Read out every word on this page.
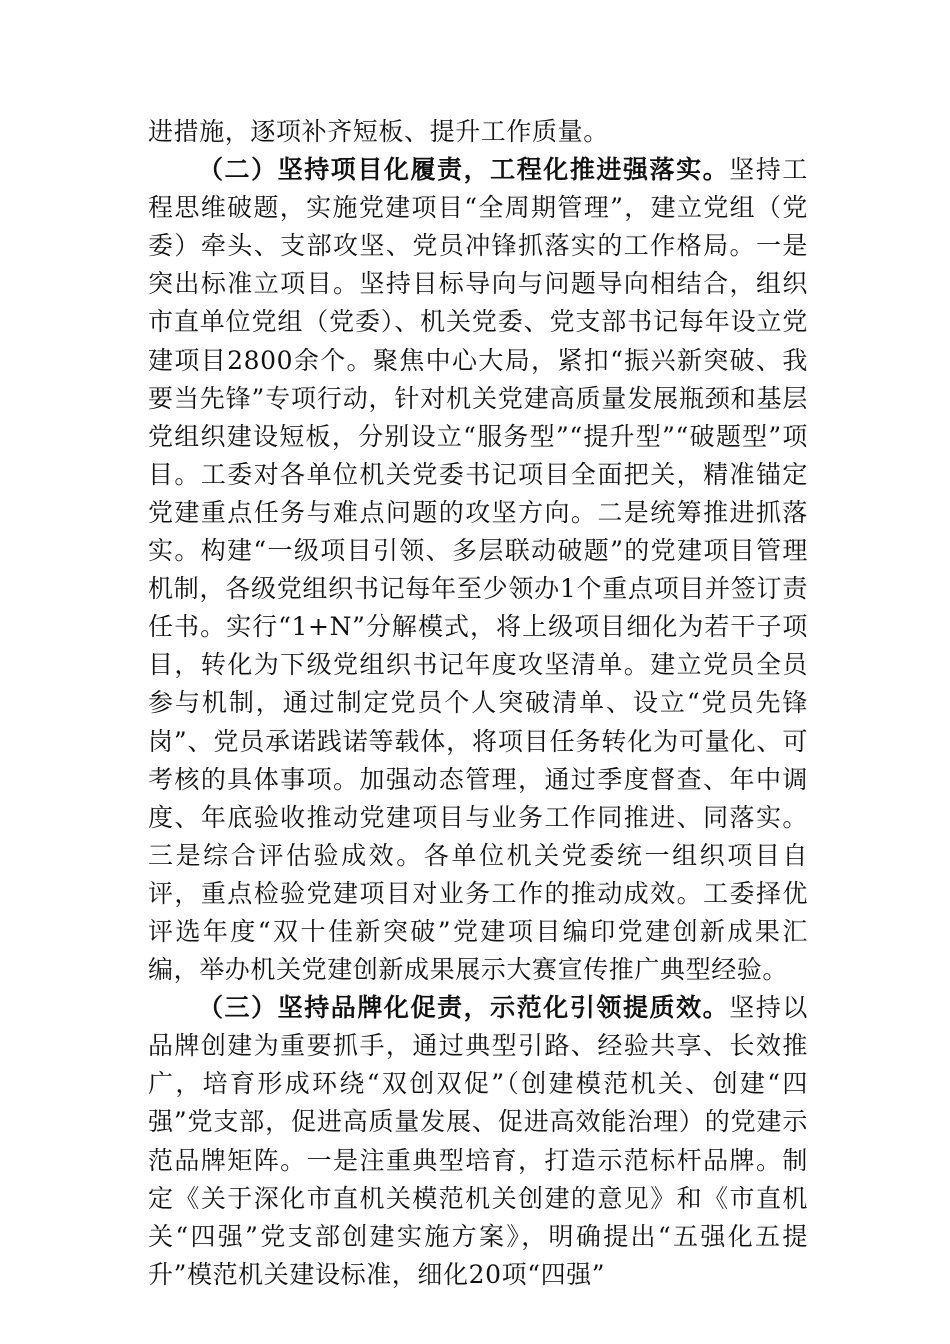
进措施，逐项补齐短板、提升工作质量。

（二）坚持项目化履责，工程化推进强落实。坚持工程思维破题，实施党建项目“全周期管理”，建立党组（党委）牵头、支部攻坚、党员冲锋抓落实的工作格局。一是突出标准立项目。坚持目标导向与问题导向相结合，组织市直单位党组（党委）、机关党委、党支部书记每年设立党建项目2800余个。聚焦中心大局，紧扣“振兴新突破、我要当先锋”专项行动，针对机关党建高质量发展瓶颈和基层党组织建设短板，分别设立“服务型”“提升型”“破题型”项目。工委对各单位机关党委书记项目全面把关，精准锚定党建重点任务与难点问题的攻坚方向。二是统筹推进抓落实。构建“一级项目引领、多层联动破题”的党建项目管理机制，各级党组织书记每年至少领办1个重点项目并签订责任书。实行“1+N”分解模式，将上级项目细化为若干子项目，转化为下级党组织书记年度攻坚清单。建立党员全员参与机制，通过制定党员个人突破清单、设立“党员先锋岗”、党员承诺践诺等载体，将项目任务转化为可量化、可考核的具体事项。加强动态管理，通过季度督查、年中调度、年底验收推动党建项目与业务工作同推进、同落实。三是综合评估验成效。各单位机关党委统一组织项目自评，重点检验党建项目对业务工作的推动成效。工委择优评选年度“双十佳新突破”党建项目编印党建创新成果汇编，举办机关党建创新成果展示大赛宣传推广典型经验。

（三）坚持品牌化促责，示范化引领提质效。坚持以品牌创建为重要抓手，通过典型引路、经验共享、长效推广，培育形成环绕“双创双促”（创建模范机关、创建“四强”党支部，促进高质量发展、促进高效能治理）的党建示范品牌矩阵。一是注重典型培育，打造示范标杆品牌。制定《关于深化市直机关模范机关创建的意见》和《市直机关“四强”党支部创建实施方案》，明确提出“五强化五提升”模范机关建设标准，细化20项“四强”
